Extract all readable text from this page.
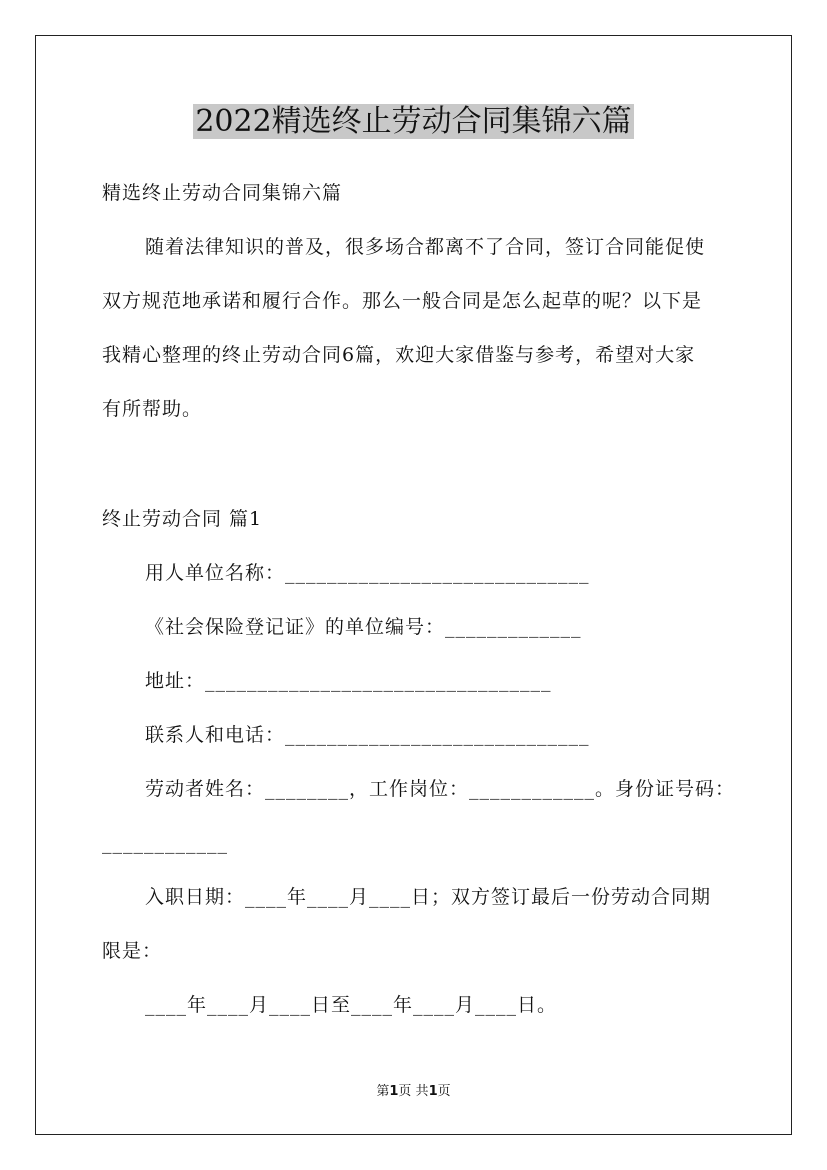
2022精选终止劳动合同集锦六篇
精选终止劳动合同集锦六篇
随着法律知识的普及，很多场合都离不了合同，签订合同能促使
双方规范地承诺和履行合作。那么一般合同是怎么起草的呢？以下是
我精心整理的终止劳动合同6篇，欢迎大家借鉴与参考，希望对大家
有所帮助。
终止劳动合同 篇1
用人单位名称：_____________________________
《社会保险登记证》的单位编号：_____________
地址：_________________________________
联系人和电话：_____________________________
劳动者姓名：________，工作岗位：____________。身份证号码：
____________
入职日期：____年____月____日；双方签订最后一份劳动合同期
限是：
____年____月____日至____年____月____日。
第1页 共1页
